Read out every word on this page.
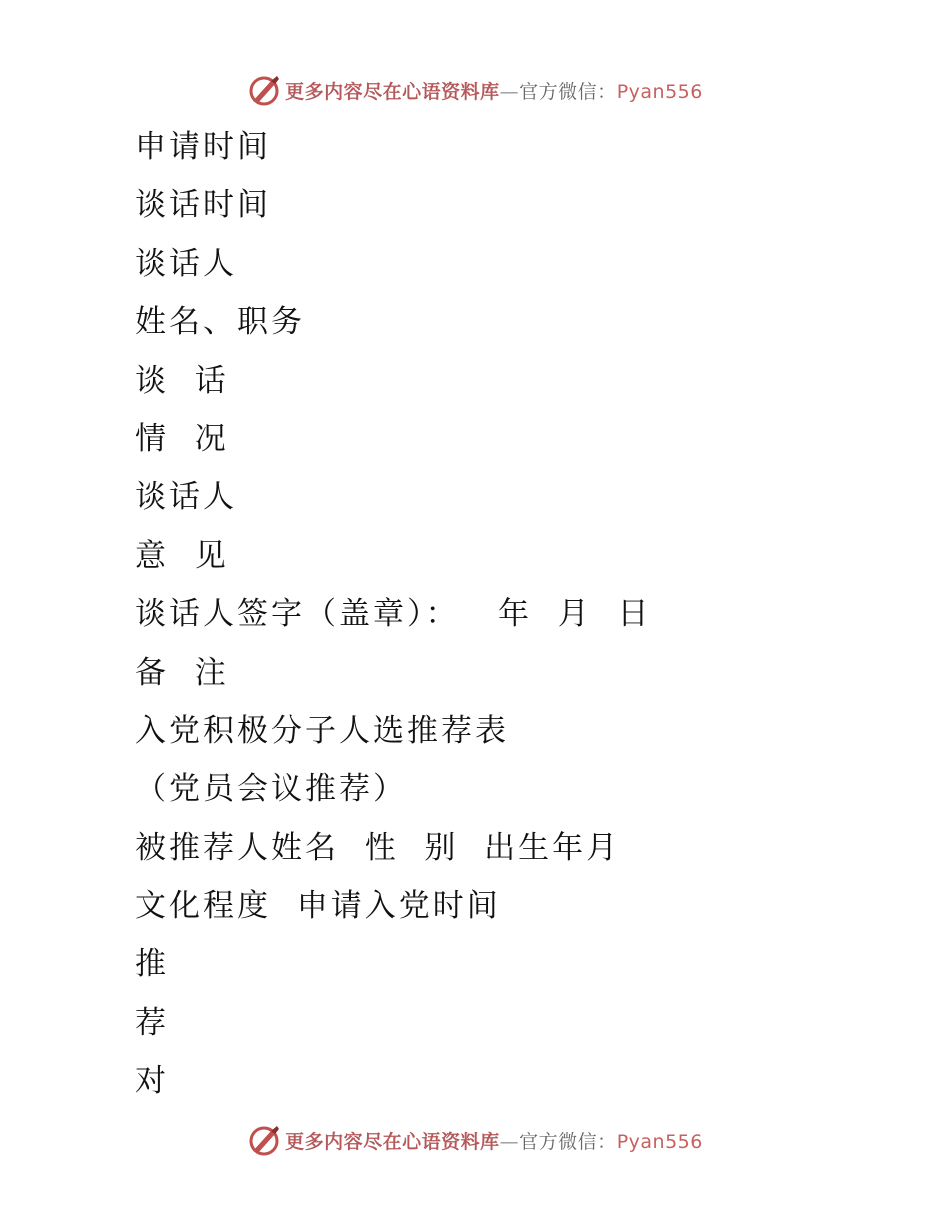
更多内容尽在心语资料库—官方微信：Pyan556
申请时间
谈话时间
谈话人
姓名、职务
谈  话
情  况
谈话人
意  见
谈话人签字（盖章）：   年  月  日
备  注
入党积极分子人选推荐表
（党员会议推荐）
被推荐人姓名  性  别  出生年月
文化程度  申请入党时间
推
荐
对
更多内容尽在心语资料库—官方微信：Pyan556
